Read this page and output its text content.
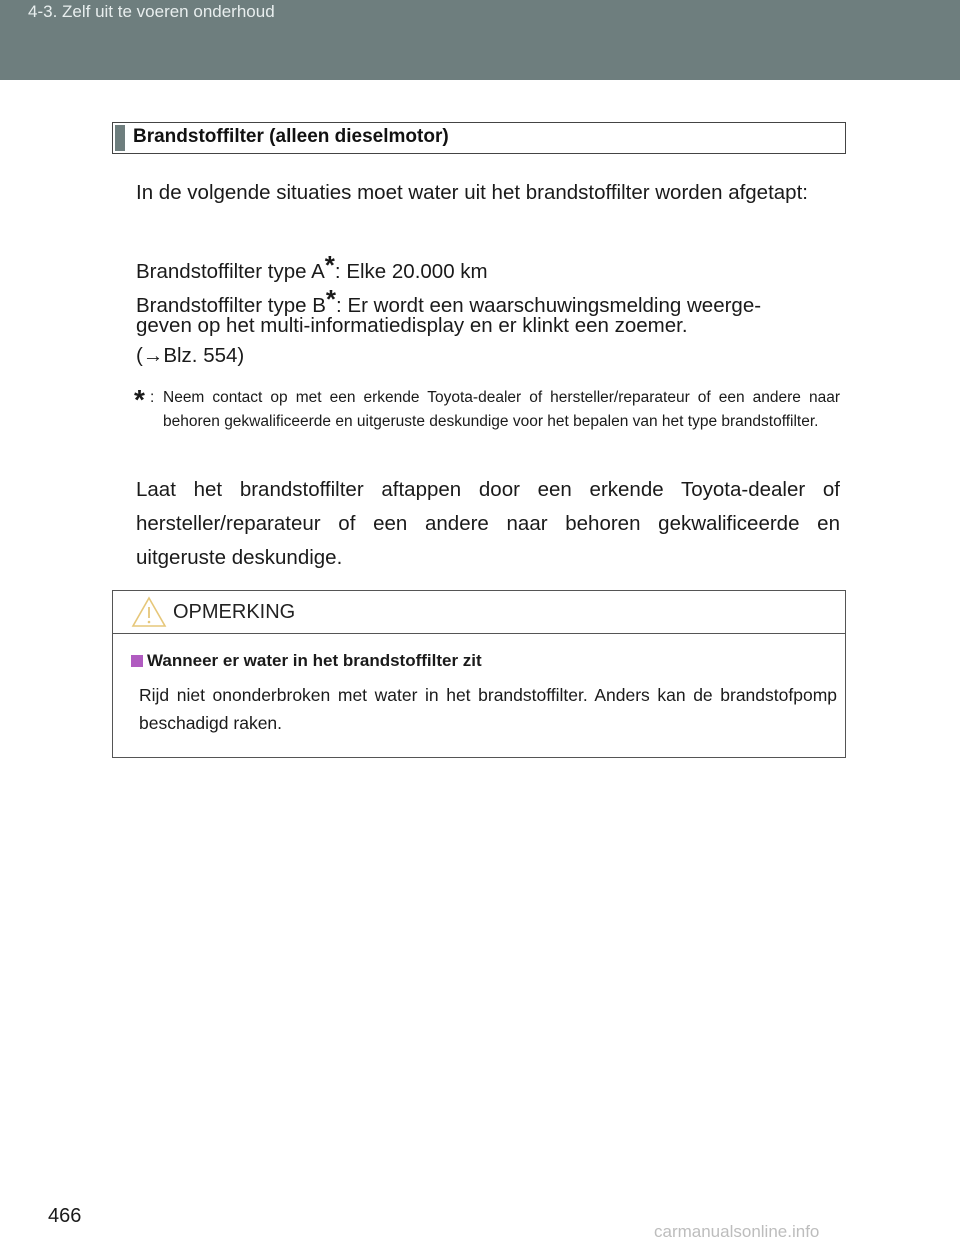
4-3. Zelf uit te voeren onderhoud
Brandstoffilter (alleen dieselmotor)
In de volgende situaties moet water uit het brandstoffilter worden afgetapt:
Brandstoffilter type A*: Elke 20.000 km
Brandstoffilter type B*: Er wordt een waarschuwingsmelding weerge-
geven op het multi-informatiedisplay en er klinkt een zoemer.
(→Blz. 554)
* : Neem contact op met een erkende Toyota-dealer of hersteller/reparateur of een andere naar behoren gekwalificeerde en uitgeruste deskundige voor het bepalen van het type brandstoffilter.
Laat het brandstoffilter aftappen door een erkende Toyota-dealer of hersteller/reparateur of een andere naar behoren gekwalificeerde en uitgeruste deskundige.
OPMERKING
Wanneer er water in het brandstoffilter zit
Rijd niet ononderbroken met water in het brandstoffilter. Anders kan de brandstofpomp beschadigd raken.
466
carmanualsonline.info
